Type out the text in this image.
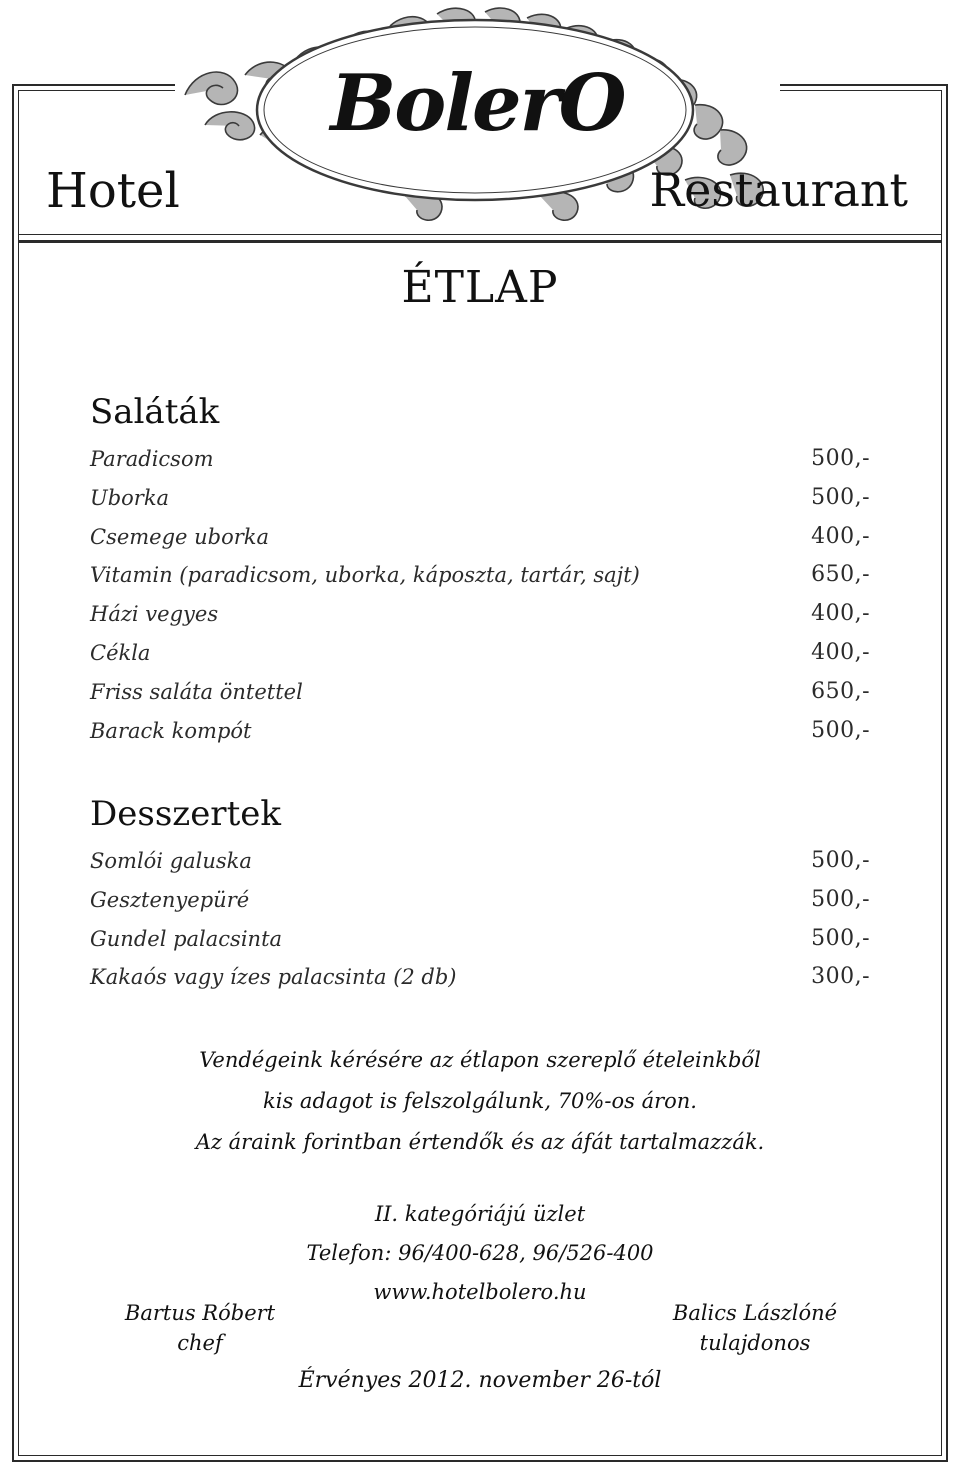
BolerO
Hotel	Restaurant
ÉTLAP
Saláták
Paradicsom	500,-
Uborka	500,-
Csemege uborka	400,-
Vitamin (paradicsom, uborka, káposzta, tartár, sajt)	650,-
Házi vegyes	400,-
Cékla	400,-
Friss saláta öntettel	650,-
Barack kompót	500,-
Desszertek
Somlói galuska	500,-
Gesztenyepüré	500,-
Gundel palacsinta	500,-
Kakaós vagy ízes palacsinta (2 db)	300,-
Vendégeink kérésére az étlapon szereplő ételeinkből
kis adagot is felszolgálunk, 70%-os áron.
Az áraink forintban értendők és az áfát tartalmazzák.
II. kategóriájú üzlet
Telefon: 96/400-628, 96/526-400
www.hotelbolero.hu
Bartus Róbert
chef
Balics Lászlóné
tulajdonos
Érvényes 2012. november 26-tól
